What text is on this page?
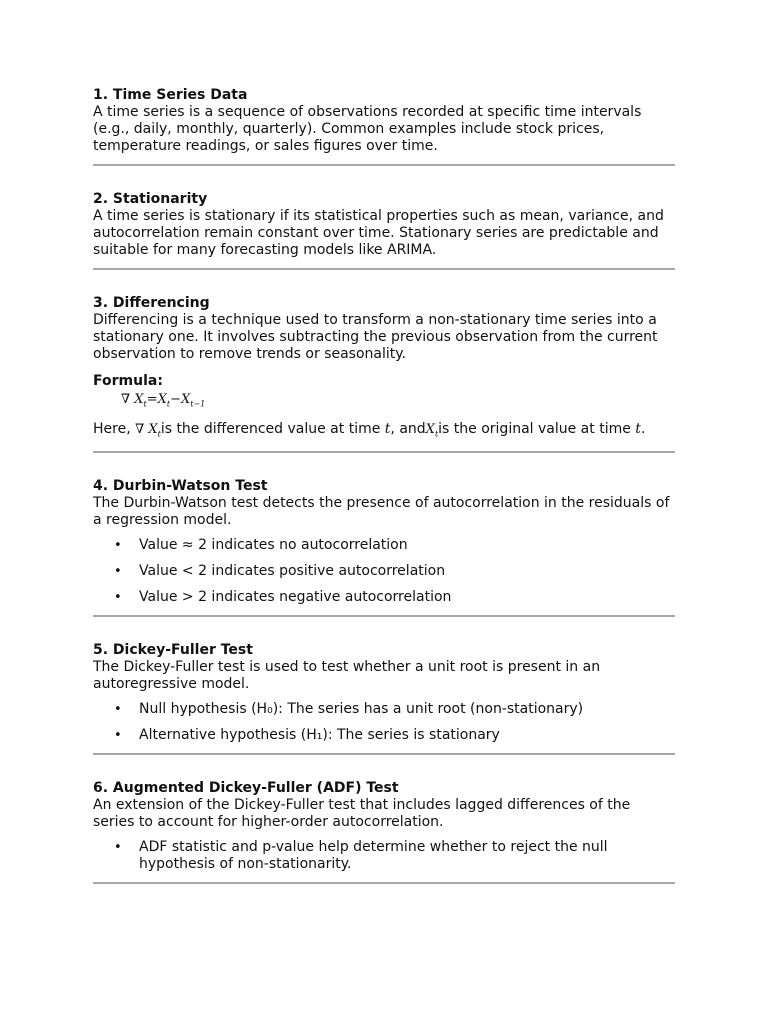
1. Time Series Data

A time series is a sequence of observations recorded at specific time intervals (e.g., daily, monthly, quarterly). Common examples include stock prices, temperature readings, or sales figures over time.

2. Stationarity

A time series is stationary if its statistical properties such as mean, variance, and autocorrelation remain constant over time. Stationary series are predictable and suitable for many forecasting models like ARIMA.

3. Differencing

Differencing is a technique used to transform a non-stationary time series into a stationary one. It involves subtracting the previous observation from the current observation to remove trends or seasonality.

Formula:
∇ $X_t=X_t-X_{t-1}$

Here, ∇ $X_tis$ the differenced value at time t, andX$_t$is the original value at time t.

4. Durbin-Watson Test

The Durbin-Watson test detects the presence of autocorrelation in the residuals of a regression model.

• Value ≈ 2 indicates no autocorrelation
• Value < 2 indicates positive autocorrelation
• Value > 2 indicates negative autocorrelation
5. Dickey-Fuller Test

The Dickey-Fuller test is used to test whether a unit root is present in an autoregressive model.

• Null hypothesis (H₀): The series has a unit root (non-stationary)
• Alternative hypothesis (H₁): The series is stationary
6. Augmented Dickey-Fuller (ADF) Test

An extension of the Dickey-Fuller test that includes lagged differences of the series to account for higher-order autocorrelation.

• ADF statistic and p-value help determine whether to reject the null hypothesis of non-stationarity.
